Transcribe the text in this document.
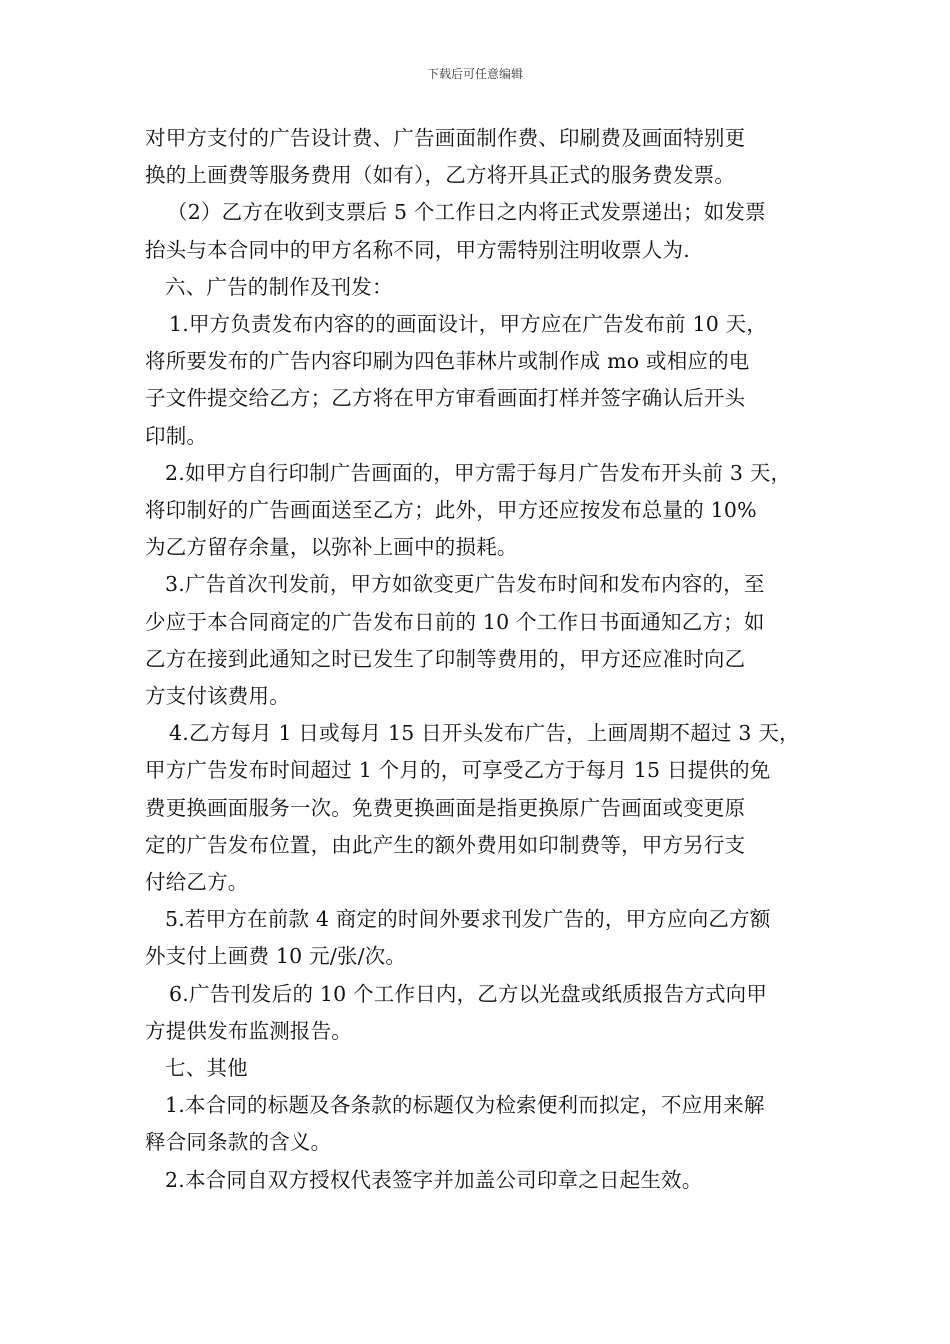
下载后可任意编辑

对甲方支付的广告设计费、广告画面制作费、印刷费及画面特别更

换的上画费等服务费用（如有），乙方将开具正式的服务费发票。

（2）乙方在收到支票后 5 个工作日之内将正式发票递出；如发票

抬头与本合同中的甲方名称不同，甲方需特别注明收票人为.

六、广告的制作及刊发：

1.甲方负责发布内容的的画面设计，甲方应在广告发布前 10 天，

将所要发布的广告内容印刷为四色菲林片或制作成 mo 或相应的电

子文件提交给乙方；乙方将在甲方审看画面打样并签字确认后开头

印制。

2.如甲方自行印制广告画面的，甲方需于每月广告发布开头前 3 天，

将印制好的广告画面送至乙方；此外，甲方还应按发布总量的 10%

为乙方留存余量，以弥补上画中的损耗。

3.广告首次刊发前，甲方如欲变更广告发布时间和发布内容的，至

少应于本合同商定的广告发布日前的 10 个工作日书面通知乙方；如

乙方在接到此通知之时已发生了印制等费用的，甲方还应准时向乙

方支付该费用。

4.乙方每月 1 日或每月 15 日开头发布广告，上画周期不超过 3 天，

甲方广告发布时间超过 1 个月的，可享受乙方于每月 15 日提供的免

费更换画面服务一次。免费更换画面是指更换原广告画面或变更原

定的广告发布位置，由此产生的额外费用如印制费等，甲方另行支

付给乙方。

5.若甲方在前款 4 商定的时间外要求刊发广告的，甲方应向乙方额

外支付上画费 10 元/张/次。

6.广告刊发后的 10 个工作日内，乙方以光盘或纸质报告方式向甲

方提供发布监测报告。

七、其他

1.本合同的标题及各条款的标题仅为检索便利而拟定，不应用来解

释合同条款的含义。

2.本合同自双方授权代表签字并加盖公司印章之日起生效。
